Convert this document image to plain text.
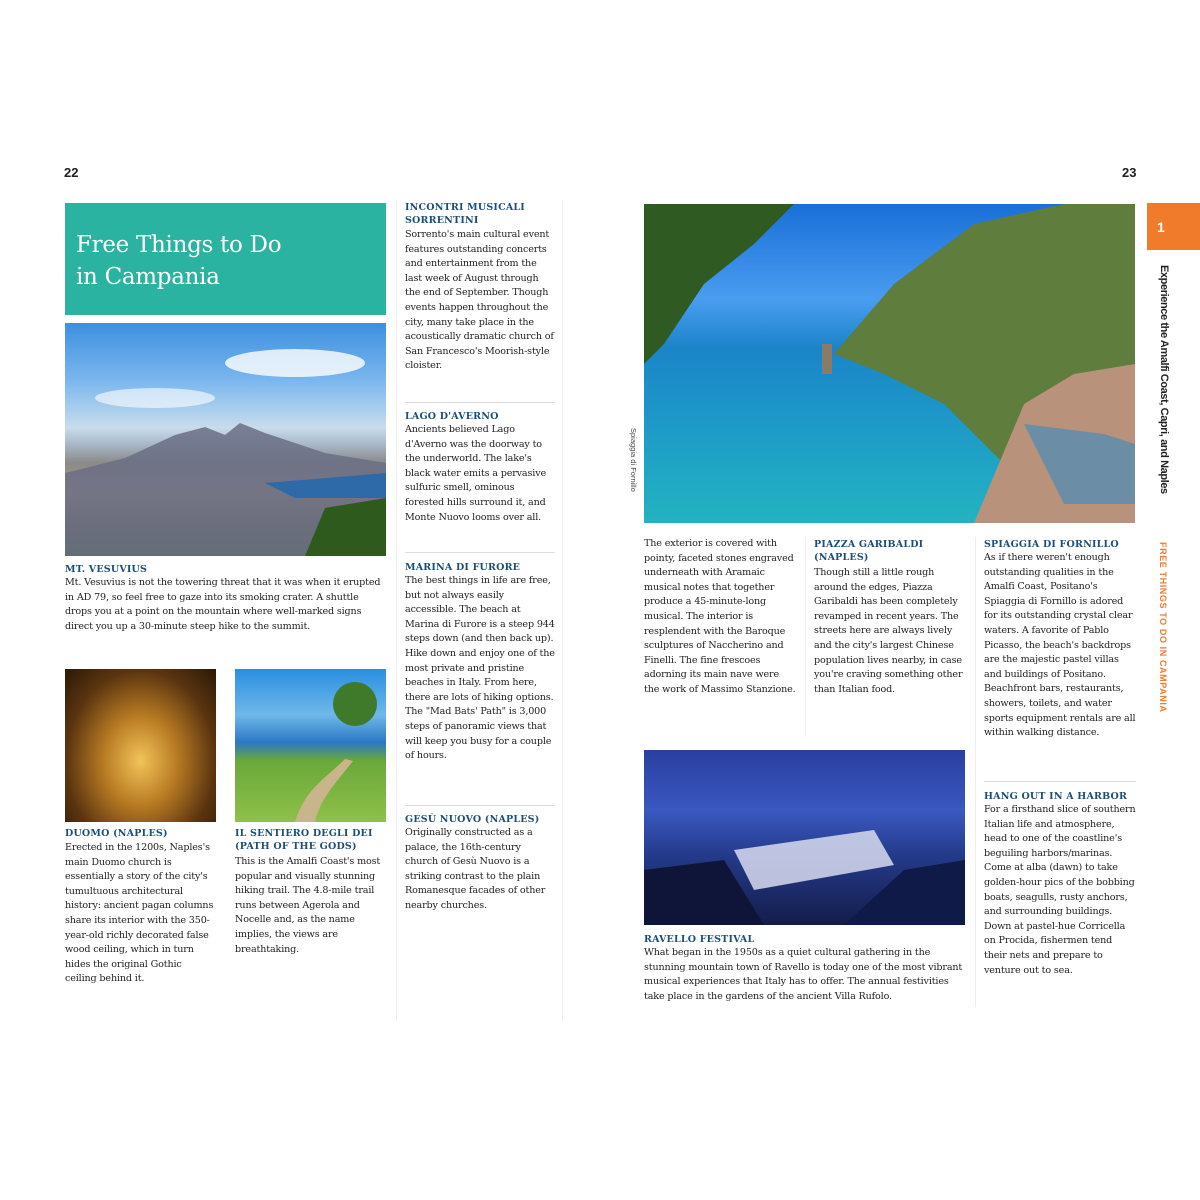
22
Free Things to Do
in Campania
MT. VESUVIUS
Mt. Vesuvius is not the towering threat that it was when it erupted in AD 79, so feel free to gaze into its smoking crater. A shuttle drops you at a point on the mountain where well-marked signs direct you up a 30-minute steep hike to the summit.
DUOMO (NAPLES)
Erected in the 1200s, Naples's main Duomo church is essentially a story of the city's tumultuous architectural history: ancient pagan columns share its interior with the 350-year-old richly decorated false wood ceiling, which in turn hides the original Gothic ceiling behind it.
IL SENTIERO DEGLI DEI (PATH OF THE GODS)
This is the Amalfi Coast's most popular and visually stunning hiking trail. The 4.8-mile trail runs between Agerola and Nocelle and, as the name implies, the views are breathtaking.
INCONTRI MUSICALI SORRENTINI
Sorrento's main cultural event features outstanding concerts and entertainment from the last week of August through the end of September. Though events happen throughout the city, many take place in the acoustically dramatic church of San Francesco's Moorish-style cloister.
LAGO D'AVERNO
Ancients believed Lago d'Averno was the doorway to the underworld. The lake's black water emits a pervasive sulfuric smell, ominous forested hills surround it, and Monte Nuovo looms over all.
MARINA DI FURORE
The best things in life are free, but not always easily accessible. The beach at Marina di Furore is a steep 944 steps down (and then back up). Hike down and enjoy one of the most private and pristine beaches in Italy. From here, there are lots of hiking options. The "Mad Bats' Path" is 3,000 steps of panoramic views that will keep you busy for a couple of hours.
GESÙ NUOVO (NAPLES)
Originally constructed as a palace, the 16th-century church of Gesù Nuovo is a striking contrast to the plain Romanesque facades of other nearby churches.
23
Spiaggia di Fornillo
The exterior is covered with pointy, faceted stones engraved underneath with Aramaic musical notes that together produce a 45-minute-long musical. The interior is resplendent with the Baroque sculptures of Naccherino and Finelli. The fine frescoes adorning its main nave were the work of Massimo Stanzione.
PIAZZA GARIBALDI (NAPLES)
Though still a little rough around the edges, Piazza Garibaldi has been completely revamped in recent years. The streets here are always lively and the city's largest Chinese population lives nearby, in case you're craving something other than Italian food.
SPIAGGIA DI FORNILLO
As if there weren't enough outstanding qualities in the Amalfi Coast, Positano's Spiaggia di Fornillo is adored for its outstanding crystal clear waters. A favorite of Pablo Picasso, the beach's backdrops are the majestic pastel villas and buildings of Positano. Beachfront bars, restaurants, showers, toilets, and water sports equipment rentals are all within walking distance.
HANG OUT IN A HARBOR
For a firsthand slice of southern Italian life and atmosphere, head to one of the coastline's beguiling harbors/marinas. Come at alba (dawn) to take golden-hour pics of the bobbing boats, seagulls, rusty anchors, and surrounding buildings. Down at pastel-hue Corricella on Procida, fishermen tend their nets and prepare to venture out to sea.
RAVELLO FESTIVAL
What began in the 1950s as a quiet cultural gathering in the stunning mountain town of Ravello is today one of the most vibrant musical experiences that Italy has to offer. The annual festivities take place in the gardens of the ancient Villa Rufolo.
1
Experience the Amalfi Coast, Capri, and Naples
FREE THINGS TO DO IN CAMPANIA
